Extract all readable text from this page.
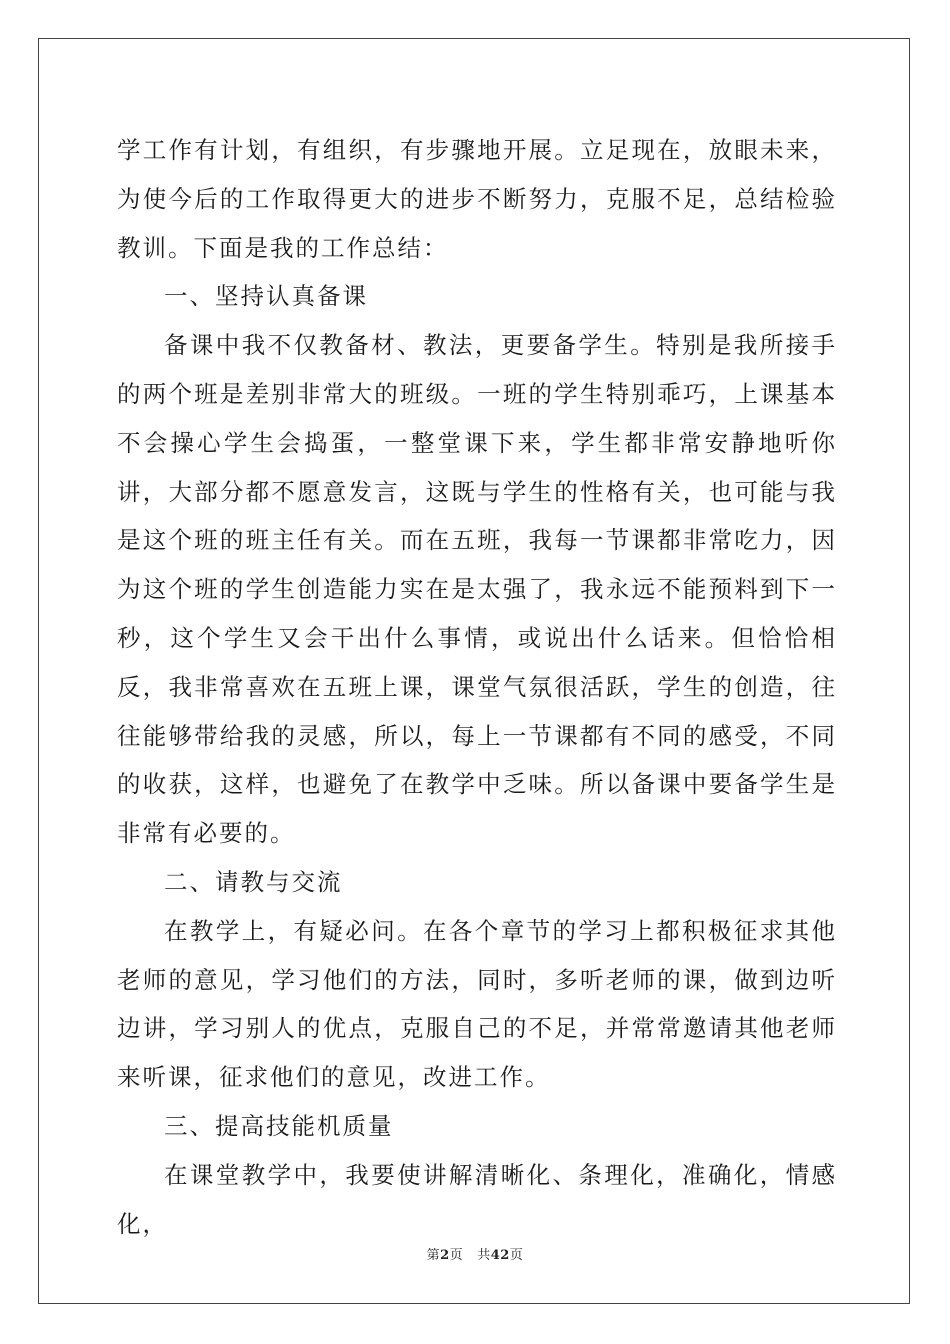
学工作有计划，有组织，有步骤地开展。立足现在，放眼未来，为使今后的工作取得更大的进步不断努力，克服不足，总结检验教训。下面是我的工作总结：

一、坚持认真备课

备课中我不仅教备材、教法，更要备学生。特别是我所接手的两个班是差别非常大的班级。一班的学生特别乖巧，上课基本不会操心学生会捣蛋，一整堂课下来，学生都非常安静地听你讲，大部分都不愿意发言，这既与学生的性格有关，也可能与我是这个班的班主任有关。而在五班，我每一节课都非常吃力，因为这个班的学生创造能力实在是太强了，我永远不能预料到下一秒，这个学生又会干出什么事情，或说出什么话来。但恰恰相反，我非常喜欢在五班上课，课堂气氛很活跃，学生的创造，往往能够带给我的灵感，所以，每上一节课都有不同的感受，不同的收获，这样，也避免了在教学中乏味。所以备课中要备学生是非常有必要的。

二、请教与交流

在教学上，有疑必问。在各个章节的学习上都积极征求其他老师的意见，学习他们的方法，同时，多听老师的课，做到边听边讲，学习别人的优点，克服自己的不足，并常常邀请其他老师来听课，征求他们的意见，改进工作。

三、提高技能机质量

在课堂教学中，我要使讲解清晰化、条理化，准确化，情感化，

第2页 共42页
